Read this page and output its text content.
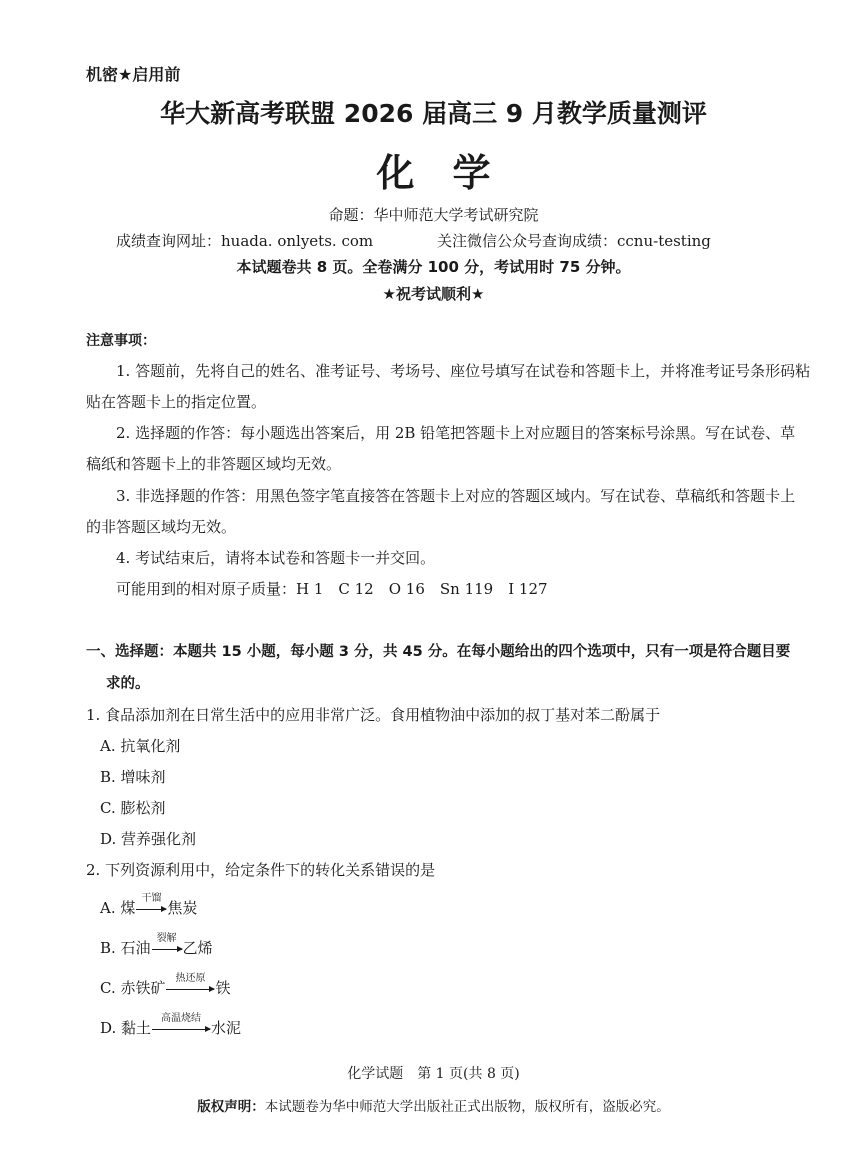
机密★启用前
华大新高考联盟 2026 届高三 9 月教学质量测评
化　学
命题：华中师范大学考试研究院
成绩查询网址：huada. onlyets. com	关注微信公众号查询成绩：ccnu-testing
本试题卷共 8 页。全卷满分 100 分，考试用时 75 分钟。
★祝考试顺利★
注意事项：
1. 答题前，先将自己的姓名、准考证号、考场号、座位号填写在试卷和答题卡上，并将准考证号条形码粘
贴在答题卡上的指定位置。
2. 选择题的作答：每小题选出答案后，用 2B 铅笔把答题卡上对应题目的答案标号涂黑。写在试卷、草
稿纸和答题卡上的非答题区域均无效。
3. 非选择题的作答：用黑色签字笔直接答在答题卡上对应的答题区域内。写在试卷、草稿纸和答题卡上
的非答题区域均无效。
4. 考试结束后，请将本试卷和答题卡一并交回。
可能用到的相对原子质量：H 1　C 12　O 16　Sn 119　I 127
一、选择题：本题共 15 小题，每小题 3 分，共 45 分。在每小题给出的四个选项中，只有一项是符合题目要
求的。
1. 食品添加剂在日常生活中的应用非常广泛。食用植物油中添加的叔丁基对苯二酚属于
A. 抗氧化剂
B. 增味剂
C. 膨松剂
D. 营养强化剂
2. 下列资源利用中，给定条件下的转化关系错误的是
A. 煤
干馏
焦炭
B. 石油
裂解
乙烯
C. 赤铁矿
热还原
铁
D. 黏土
高温烧结
水泥
化学试题　第 1 页(共 8 页)
版权声明：本试题卷为华中师范大学出版社正式出版物，版权所有，盗版必究。
